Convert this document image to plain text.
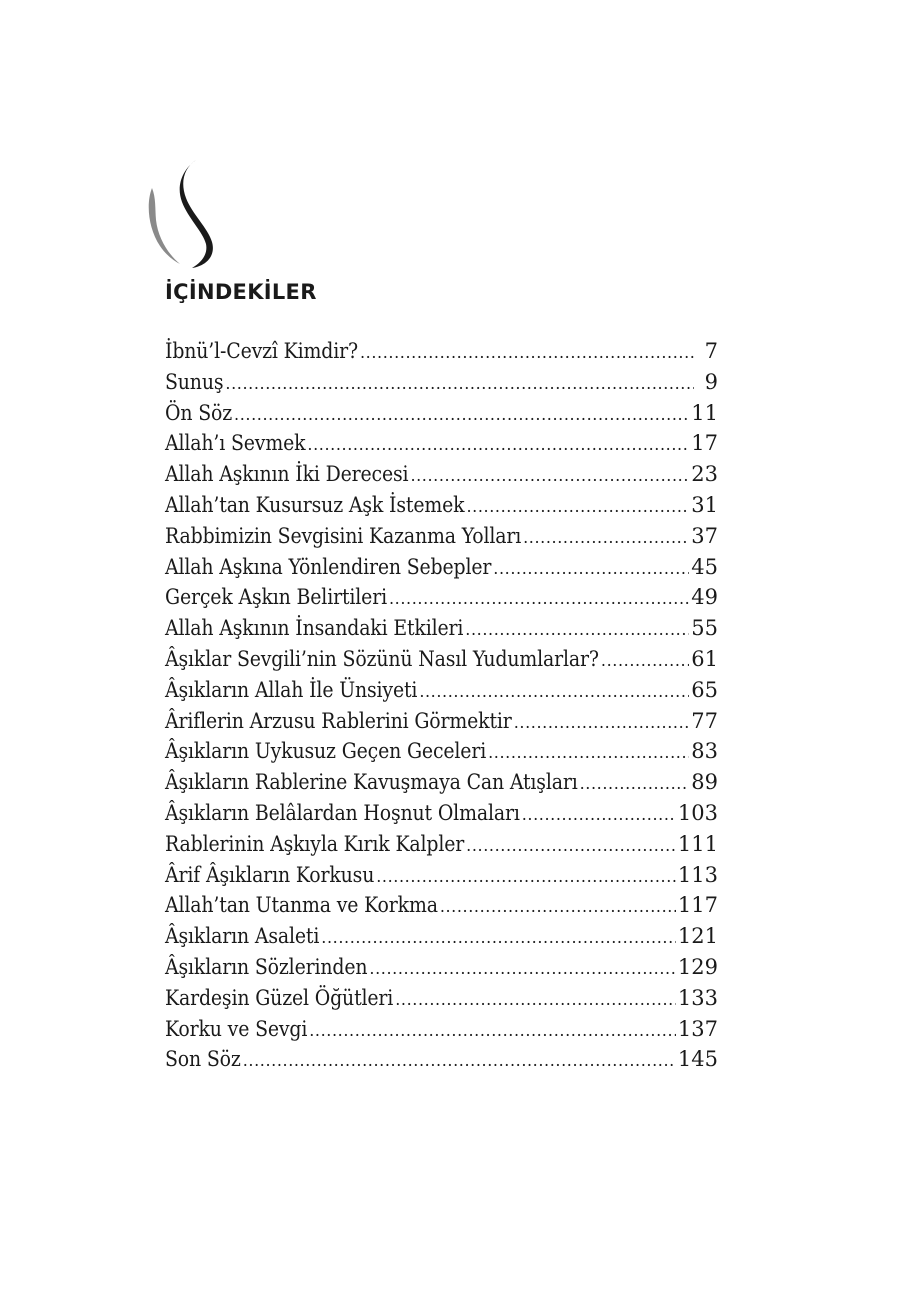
İÇİNDEKİLER
İbnü’l-Cevzî Kimdir? .....	7
Sunuş .....	9
Ön Söz .....	11
Allah’ı Sevmek .....	17
Allah Aşkının İki Derecesi .....	23
Allah’tan Kusursuz Aşk İstemek .....	31
Rabbimizin Sevgisini Kazanma Yolları .....	37
Allah Aşkına Yönlendiren Sebepler .....	45
Gerçek Aşkın Belirtileri .....	49
Allah Aşkının İnsandaki Etkileri .....	55
Âşıklar Sevgili’nin Sözünü Nasıl Yudumlarlar? .....	61
Âşıkların Allah İle Ünsiyeti .....	65
Âriflerin Arzusu Rablerini Görmektir .....	77
Âşıkların Uykusuz Geçen Geceleri .....	83
Âşıkların Rablerine Kavuşmaya Can Atışları .....	89
Âşıkların Belâlardan Hoşnut Olmaları .....	103
Rablerinin Aşkıyla Kırık Kalpler .....	111
Ârif Âşıkların Korkusu .....	113
Allah’tan Utanma ve Korkma .....	117
Âşıkların Asaleti .....	121
Âşıkların Sözlerinden .....	129
Kardeşin Güzel Öğütleri .....	133
Korku ve Sevgi .....	137
Son Söz .....	145
